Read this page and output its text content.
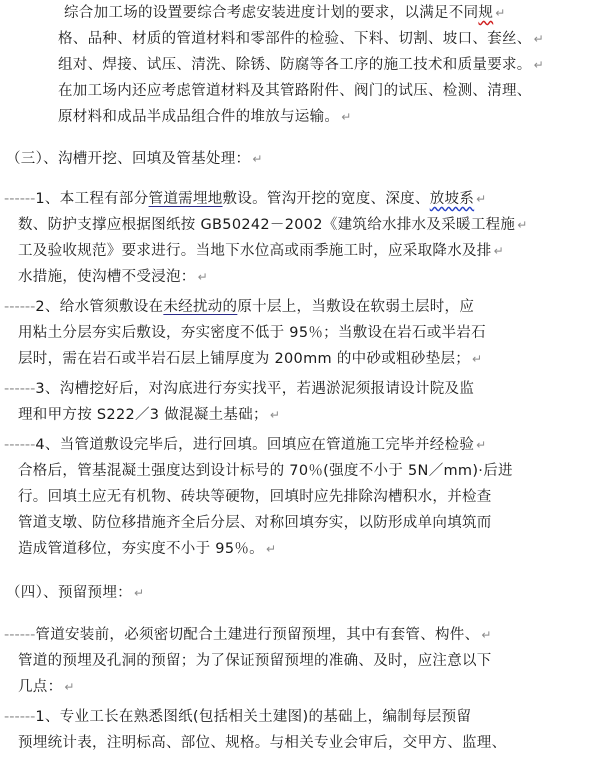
综合加工场的设置要综合考虑安装进度计划的要求，以满足不同规 ↵
格、品种、材质的管道材料和零部件的检验、下料、切割、坡口、套丝、 ↵
组对、焊接、试压、清洗、除锈、防腐等各工序的施工技术和质量要求。 ↵
在加工场内还应考虑管道材料及其管路附件、阀门的试压、检测、清理、
原材料和成品半成品组合件的堆放与运输。 ↵
（三）、沟槽开挖、回填及管基处理： ↵
------1、本工程有部分管道需埋地敷设。管沟开挖的宽度、深度、放坡系 ↵
数、防护支撑应根据图纸按 GB50242－2002《建筑给水排水及采暖工程施 ↵
工及验收规范》要求进行。当地下水位高或雨季施工时，应采取降水及排 ↵
水措施，使沟槽不受浸泡： ↵
------2、给水管须敷设在未经扰动的原十层上，当敷设在软弱土层时，应
用粘土分层夯实后敷设，夯实密度不低于 95％；当敷设在岩石或半岩石
层时，需在岩石或半岩石层上铺厚度为 200mm 的中砂或粗砂垫层； ↵
------3、沟槽挖好后，对沟底进行夯实找平，若遇淤泥须报请设计院及监
理和甲方按 S222／3 做混凝土基础； ↵
------4、当管道敷设完毕后，进行回填。回填应在管道施工完毕并经检验 ↵
合格后，管基混凝土强度达到设计标号的 70％(强度不小于 5N／mm)·后进
行。回填土应无有机物、砖块等硬物，回填时应先排除沟槽积水，并检查
管道支墩、防位移措施齐全后分层、对称回填夯实，以防形成单向填筑而
造成管道移位，夯实度不小于 95％。 ↵
（四）、预留预埋： ↵
------管道安装前，必须密切配合土建进行预留预埋，其中有套管、构件、 ↵
管道的预埋及孔洞的预留；为了保证预留预埋的准确、及时，应注意以下
几点： ↵
------1、专业工长在熟悉图纸(包括相关土建图)的基础上，编制每层预留
预埋统计表，注明标高、部位、规格。与相关专业会审后，交甲方、监理、
